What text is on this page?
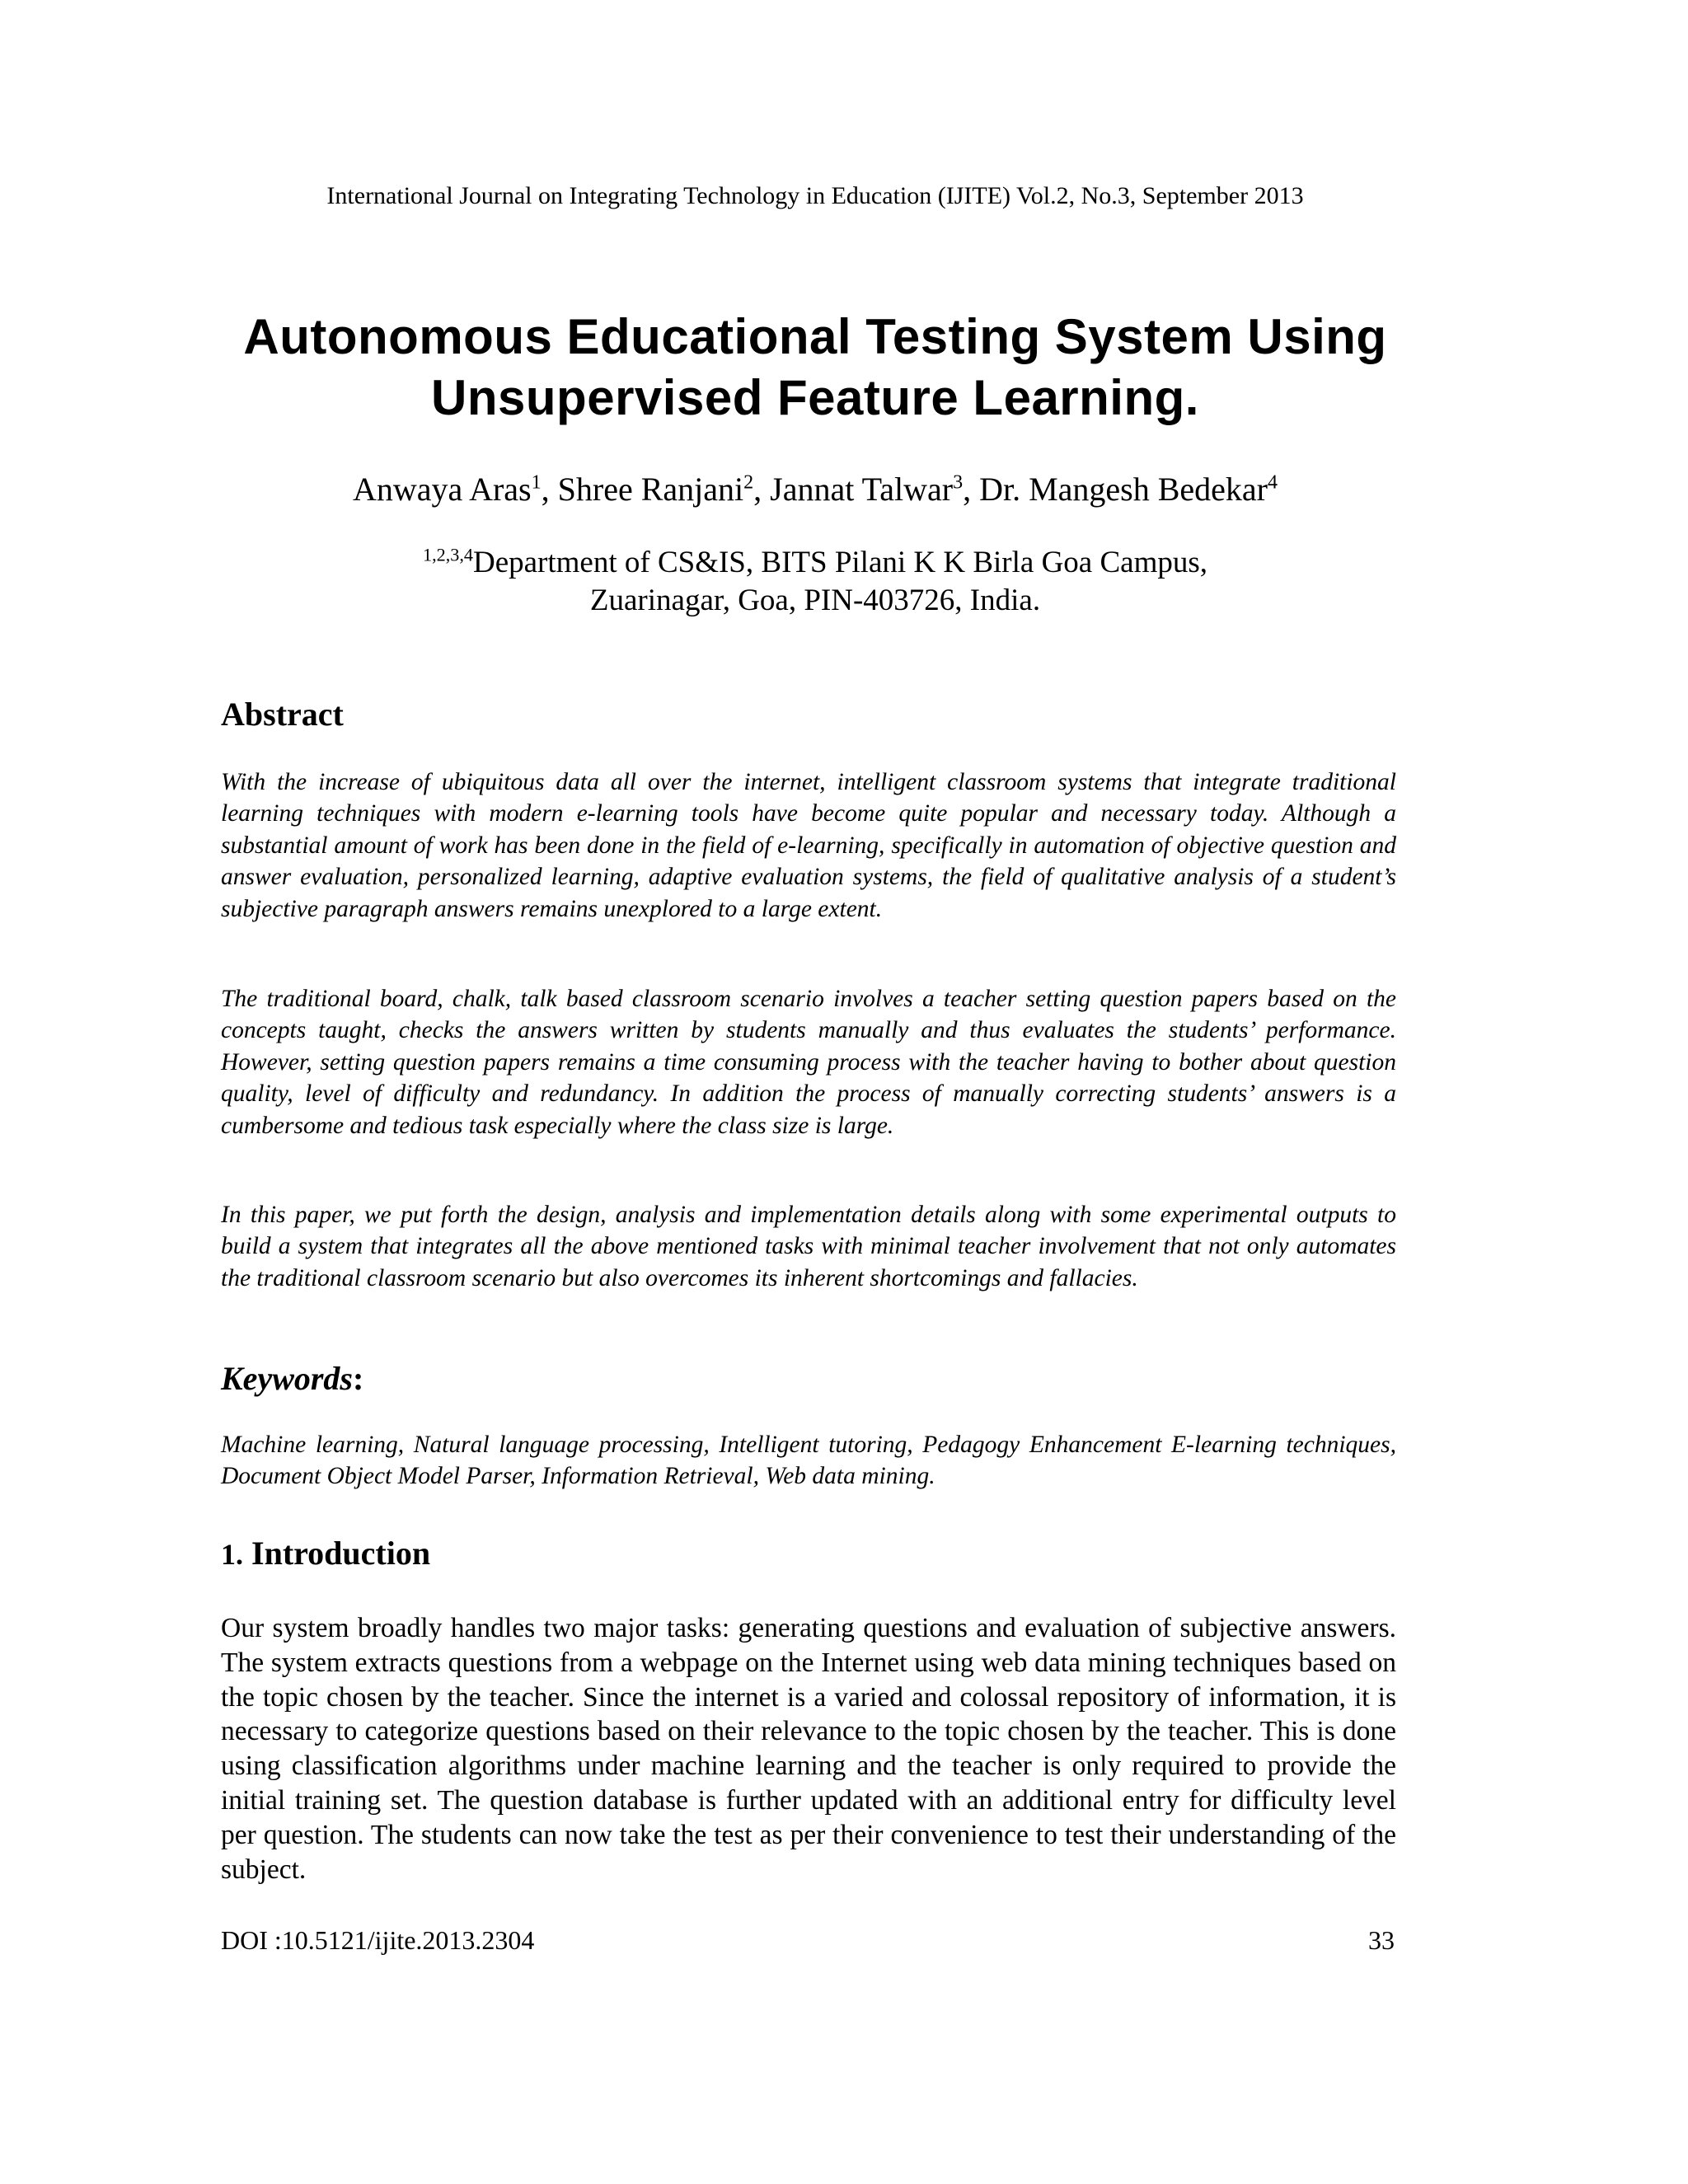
International Journal on Integrating Technology in Education (IJITE) Vol.2, No.3, September 2013
Autonomous Educational Testing System Using
Unsupervised Feature Learning.
Anwaya Aras$^1$, Shree Ranjani$^2$, Jannat Talwar$^3$, Dr. Mangesh Bedekar$^4$
$^{1,2,3,4}$Department of CS&IS, BITS Pilani K K Birla Goa Campus,
Zuarinagar, Goa, PIN-403726, India.
Abstract
With the increase of ubiquitous data all over the internet, intelligent classroom systems that integrate traditional learning techniques with modern e-learning tools have become quite popular and necessary today. Although a substantial amount of work has been done in the field of e-learning, specifically in automation of objective question and answer evaluation, personalized learning, adaptive evaluation systems, the field of qualitative analysis of a student’s subjective paragraph answers remains unexplored to a large extent.
The traditional board, chalk, talk based classroom scenario involves a teacher setting question papers based on the concepts taught, checks the answers written by students manually and thus evaluates the students’ performance. However, setting question papers remains a time consuming process with the teacher having to bother about question quality, level of difficulty and redundancy. In addition the process of manually correcting students’ answers is a cumbersome and tedious task especially where the class size is large.
In this paper, we put forth the design, analysis and implementation details along with some experimental outputs to build a system that integrates all the above mentioned tasks with minimal teacher involvement that not only automates the traditional classroom scenario but also overcomes its inherent shortcomings and fallacies.
Keywords:
Machine learning, Natural language processing, Intelligent tutoring, Pedagogy Enhancement E-learning techniques, Document Object Model Parser, Information Retrieval, Web data mining.
1. Introduction
Our system broadly handles two major tasks: generating questions and evaluation of subjective answers. The system extracts questions from a webpage on the Internet using web data mining techniques based on the topic chosen by the teacher. Since the internet is a varied and colossal repository of information, it is necessary to categorize questions based on their relevance to the topic chosen by the teacher. This is done using classification algorithms under machine learning and the teacher is only required to provide the initial training set. The question database is further updated with an additional entry for difficulty level per question. The students can now take the test as per their convenience to test their understanding of the subject.
DOI :10.5121/ijite.2013.2304	33
